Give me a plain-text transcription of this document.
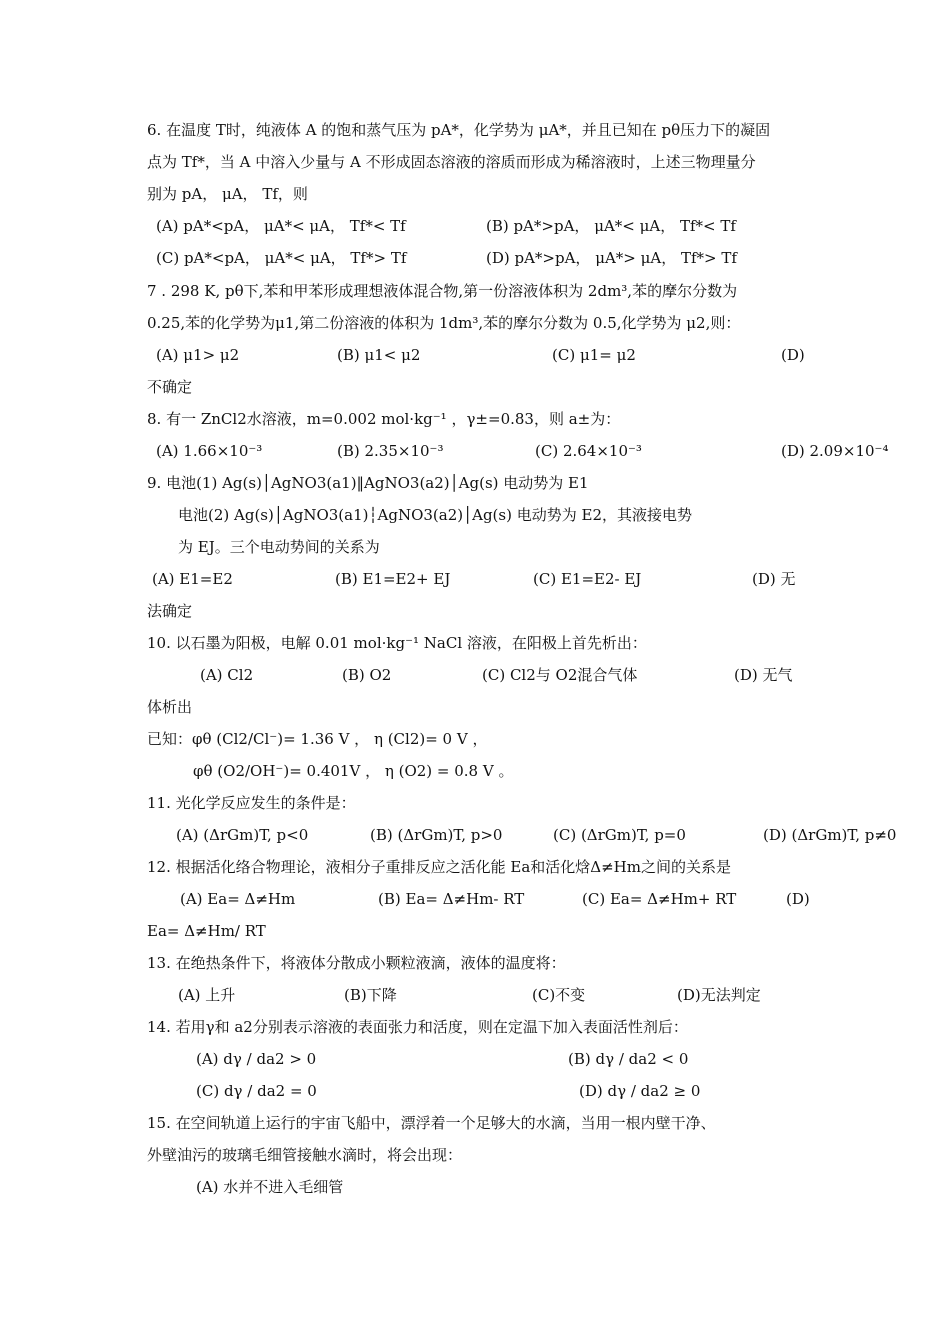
6. 在温度 T时，纯液体 A 的饱和蒸气压为 pA*，化学势为 μA*，并且已知在 pθ压力下的凝固
点为 Tf*，当 A 中溶入少量与 A 不形成固态溶液的溶质而形成为稀溶液时，上述三物理量分
别为 pA， μA， Tf，则
(A) pA*<pA， μA*< μA， Tf*< Tf	(B) pA*>pA， μA*< μA， Tf*< Tf
(C) pA*<pA， μA*< μA， Tf*> Tf	(D) pA*>pA， μA*> μA， Tf*> Tf
7 . 298 K, pθ下,苯和甲苯形成理想液体混合物,第一份溶液体积为 2dm³,苯的摩尔分数为
0.25,苯的化学势为μ1,第二份溶液的体积为 1dm³,苯的摩尔分数为 0.5,化学势为 μ2,则：
(A) μ1> μ2	(B) μ1< μ2	(C) μ1= μ2	(D)
不确定
8. 有一 ZnCl2水溶液，m=0.002 mol·kg⁻¹ ，γ±=0.83，则 a±为：
(A) 1.66×10⁻³	(B) 2.35×10⁻³	(C) 2.64×10⁻³	(D) 2.09×10⁻⁴
9. 电池(1) Ag(s)│AgNO3(a1)‖AgNO3(a2)│Ag(s) 电动势为 E1
电池(2) Ag(s)│AgNO3(a1)┆AgNO3(a2)│Ag(s) 电动势为 E2，其液接电势
为 EJ。三个电动势间的关系为
(A) E1=E2	(B) E1=E2+ EJ	(C) E1=E2- EJ	(D) 无
法确定
10. 以石墨为阳极，电解 0.01 mol·kg⁻¹ NaCl 溶液，在阳极上首先析出：
(A) Cl2	(B) O2	(C) Cl2与 O2混合气体	(D) 无气
体析出
已知：φθ (Cl2/Cl⁻)= 1.36 V ， η (Cl2)= 0 V ，
φθ (O2/OH⁻)= 0.401V ， η (O2) = 0.8 V 。
11. 光化学反应发生的条件是：
(A) (ΔrGm)T, p<0	(B) (ΔrGm)T, p>0	(C) (ΔrGm)T, p=0	(D) (ΔrGm)T, p≠0
12. 根据活化络合物理论，液相分子重排反应之活化能 Ea和活化焓Δ≠Hm之间的关系是
(A) Ea= Δ≠Hm	(B) Ea= Δ≠Hm- RT	(C) Ea= Δ≠Hm+ RT	(D)
Ea= Δ≠Hm/ RT
13. 在绝热条件下，将液体分散成小颗粒液滴，液体的温度将：
(A) 上升	(B)下降	(C)不变	(D)无法判定
14. 若用γ和 a2分别表示溶液的表面张力和活度，则在定温下加入表面活性剂后：
(A) dγ / da2 > 0	(B) dγ / da2 < 0
(C) dγ / da2 = 0	(D) dγ / da2 ≥ 0
15. 在空间轨道上运行的宇宙飞船中，漂浮着一个足够大的水滴，当用一根内壁干净、
外壁油污的玻璃毛细管接触水滴时，将会出现：
(A) 水并不进入毛细管
